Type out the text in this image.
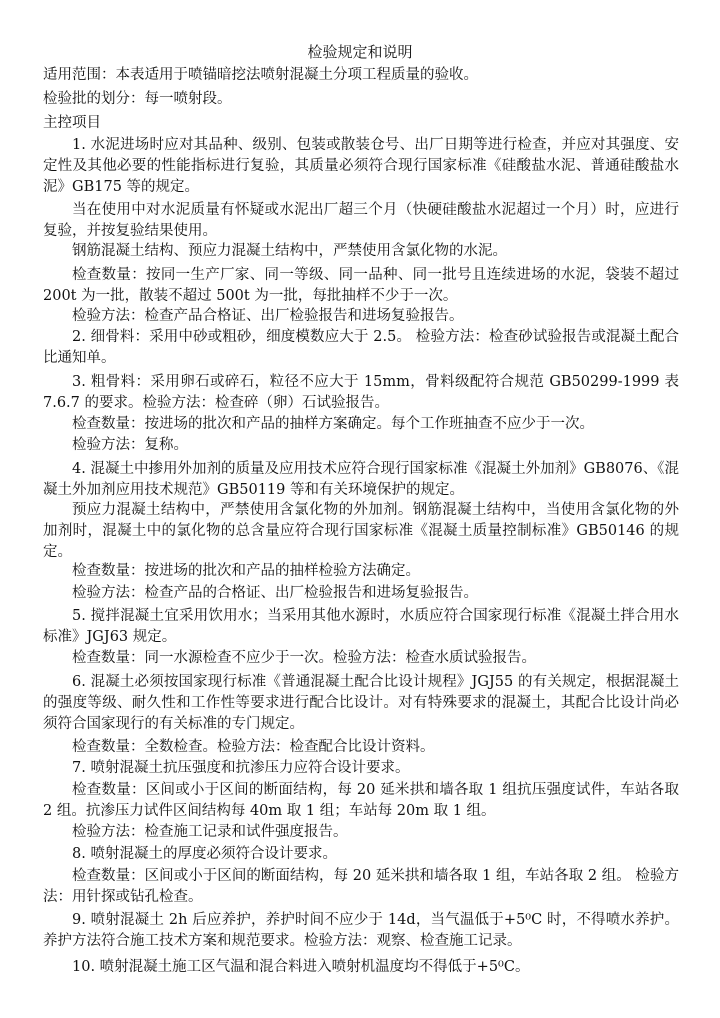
检验规定和说明

适用范围：本表适用于喷锚暗挖法喷射混凝土分项工程质量的验收。

检验批的划分：每一喷射段。

主控项目

1. 水泥进场时应对其品种、级别、包装或散装仓号、出厂日期等进行检查，并应对其强度、安定性及其他必要的性能指标进行复验，其质量必须符合现行国家标准《硅酸盐水泥、普通硅酸盐水泥》GB175 等的规定。

当在使用中对水泥质量有怀疑或水泥出厂超三个月（快硬硅酸盐水泥超过一个月）时，应进行复验，并按复验结果使用。

钢筋混凝土结构、预应力混凝土结构中，严禁使用含氯化物的水泥。

检查数量：按同一生产厂家、同一等级、同一品种、同一批号且连续进场的水泥，袋装不超过 200t 为一批，散装不超过 500t 为一批，每批抽样不少于一次。

检验方法：检查产品合格证、出厂检验报告和进场复验报告。

2. 细骨料：采用中砂或粗砂，细度模数应大于 2.5。 检验方法：检查砂试验报告或混凝土配合比通知单。

3. 粗骨料：采用卵石或碎石，粒径不应大于 15mm，骨料级配符合规范 GB50299-1999 表 7.6.7 的要求。检验方法：检查碎（卵）石试验报告。

检查数量：按进场的批次和产品的抽样方案确定。每个工作班抽查不应少于一次。

检验方法：复称。

4. 混凝土中掺用外加剂的质量及应用技术应符合现行国家标准《混凝土外加剂》GB8076、《混凝土外加剂应用技术规范》GB50119 等和有关环境保护的规定。

预应力混凝土结构中，严禁使用含氯化物的外加剂。钢筋混凝土结构中，当使用含氯化物的外加剂时，混凝土中的氯化物的总含量应符合现行国家标准《混凝土质量控制标准》GB50146 的规定。

检查数量：按进场的批次和产品的抽样检验方法确定。

检验方法：检查产品的合格证、出厂检验报告和进场复验报告。

5. 搅拌混凝土宜采用饮用水；当采用其他水源时，水质应符合国家现行标准《混凝土拌合用水标准》JGJ63 规定。

检查数量：同一水源检查不应少于一次。检验方法：检查水质试验报告。

6. 混凝土必须按国家现行标准《普通混凝土配合比设计规程》JGJ55 的有关规定，根据混凝土的强度等级、耐久性和工作性等要求进行配合比设计。对有特殊要求的混凝土，其配合比设计尚必须符合国家现行的有关标准的专门规定。

检查数量：全数检查。检验方法：检查配合比设计资料。

7. 喷射混凝土抗压强度和抗渗压力应符合设计要求。

检查数量：区间或小于区间的断面结构，每 20 延米拱和墙各取 1 组抗压强度试件，车站各取 2 组。抗渗压力试件区间结构每 40m 取 1 组；车站每 20m 取 1 组。

检验方法：检查施工记录和试件强度报告。

8. 喷射混凝土的厚度必须符合设计要求。

检查数量：区间或小于区间的断面结构，每 20 延米拱和墙各取 1 组，车站各取 2 组。 检验方法：用针探或钻孔检查。

9. 喷射混凝土 2h 后应养护，养护时间不应少于 14d，当气温低于+5⁰C 时，不得喷水养护。养护方法符合施工技术方案和规范要求。检验方法：观察、检查施工记录。

10. 喷射混凝土施工区气温和混合料进入喷射机温度均不得低于+5⁰C。
